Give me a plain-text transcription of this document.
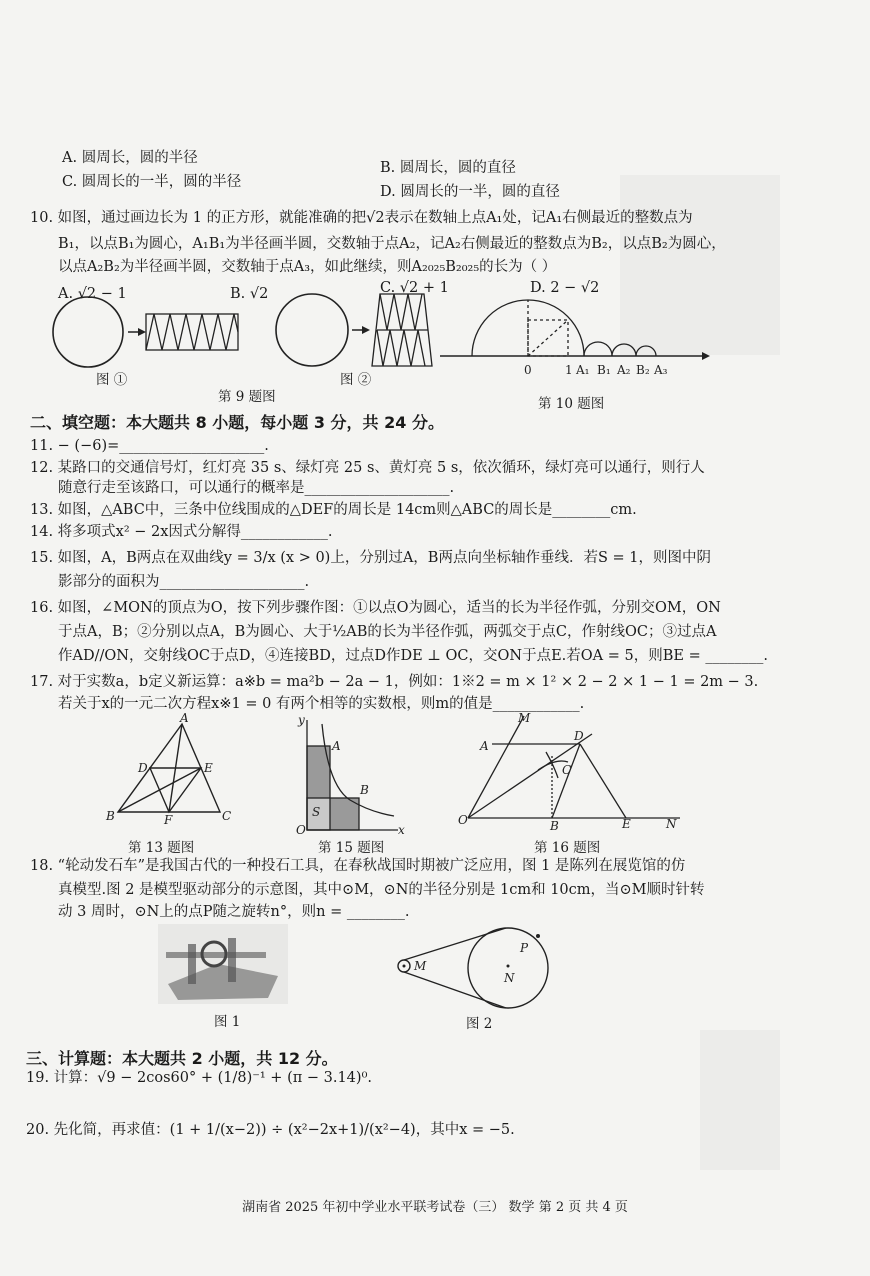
A. 圆周长，圆的半径
B. 圆周长，圆的直径
C. 圆周长的一半，圆的半径
D. 圆周长的一半，圆的直径
10. 如图，通过画边长为 1 的正方形，就能准确的把√2表示在数轴上点A₁处，记A₁右侧最近的整数点为
B₁，以点B₁为圆心，A₁B₁为半径画半圆，交数轴于点A₂，记A₂右侧最近的整数点为B₂，以点B₂为圆心，
以点A₂B₂为半径画半圆，交数轴于点A₃，如此继续，则A₂₀₂₅B₂₀₂₅的长为（ ）
A. √2 − 1	B. √2	C. √2 + 1	D. 2 − √2
图 ①	图 ②
第 9 题图
0	1 A₁ B₁ A₂ B₂ A₃
第 10 题图
二、填空题：本大题共 8 小题，每小题 3 分，共 24 分。
11. − (−6)=____________________.
12. 某路口的交通信号灯，红灯亮 35 s、绿灯亮 25 s、黄灯亮 5 s，依次循环，绿灯亮可以通行，则行人
随意行走至该路口，可以通行的概率是____________________.
13. 如图，△ABC中，三条中位线围成的△DEF的周长是 14cm则△ABC的周长是________cm.
14. 将多项式x² − 2x因式分解得____________.
15. 如图，A，B两点在双曲线y = 3/x (x > 0)上，分别过A，B两点向坐标轴作垂线．若S = 1，则图中阴
影部分的面积为____________________.
16. 如图，∠MON的顶点为O，按下列步骤作图：①以点O为圆心，适当的长为半径作弧，分别交OM，ON
于点A，B；②分别以点A，B为圆心、大于½AB的长为半径作弧，两弧交于点C，作射线OC；③过点A
作AD//ON，交射线OC于点D，④连接BD，过点D作DE ⊥ OC，交ON于点E.若OA = 5，则BE = ________.
17. 对于实数a，b定义新运算：a※b = ma²b − 2a − 1，例如：1※2 = m × 1² × 2 − 2 × 1 − 1 = 2m − 3.
若关于x的一元二次方程x※1 = 0 有两个相等的实数根，则m的值是____________.
A
D	E
B	F	C
第 13 题图
y
A
B
S
O	x
第 15 题图
M
A
D
C
O	B	E	N
第 16 题图
18. “轮动发石车”是我国古代的一种投石工具，在春秋战国时期被广泛应用，图 1 是陈列在展览馆的仿
真模型.图 2 是模型驱动部分的示意图，其中⊙M，⊙N的半径分别是 1cm和 10cm，当⊙M顺时针转
动 3 周时，⊙N上的点P随之旋转n°，则n = ________.
图 1
M
P
N
图 2
三、计算题：本大题共 2 小题，共 12 分。
19. 计算：√9 − 2cos60° + (1/8)⁻¹ + (π − 3.14)⁰.
20. 先化简，再求值：(1 + 1/(x−2)) ÷ (x²−2x+1)/(x²−4)，其中x = −5.
湖南省 2025 年初中学业水平联考试卷（三） 数学 第 2 页 共 4 页
